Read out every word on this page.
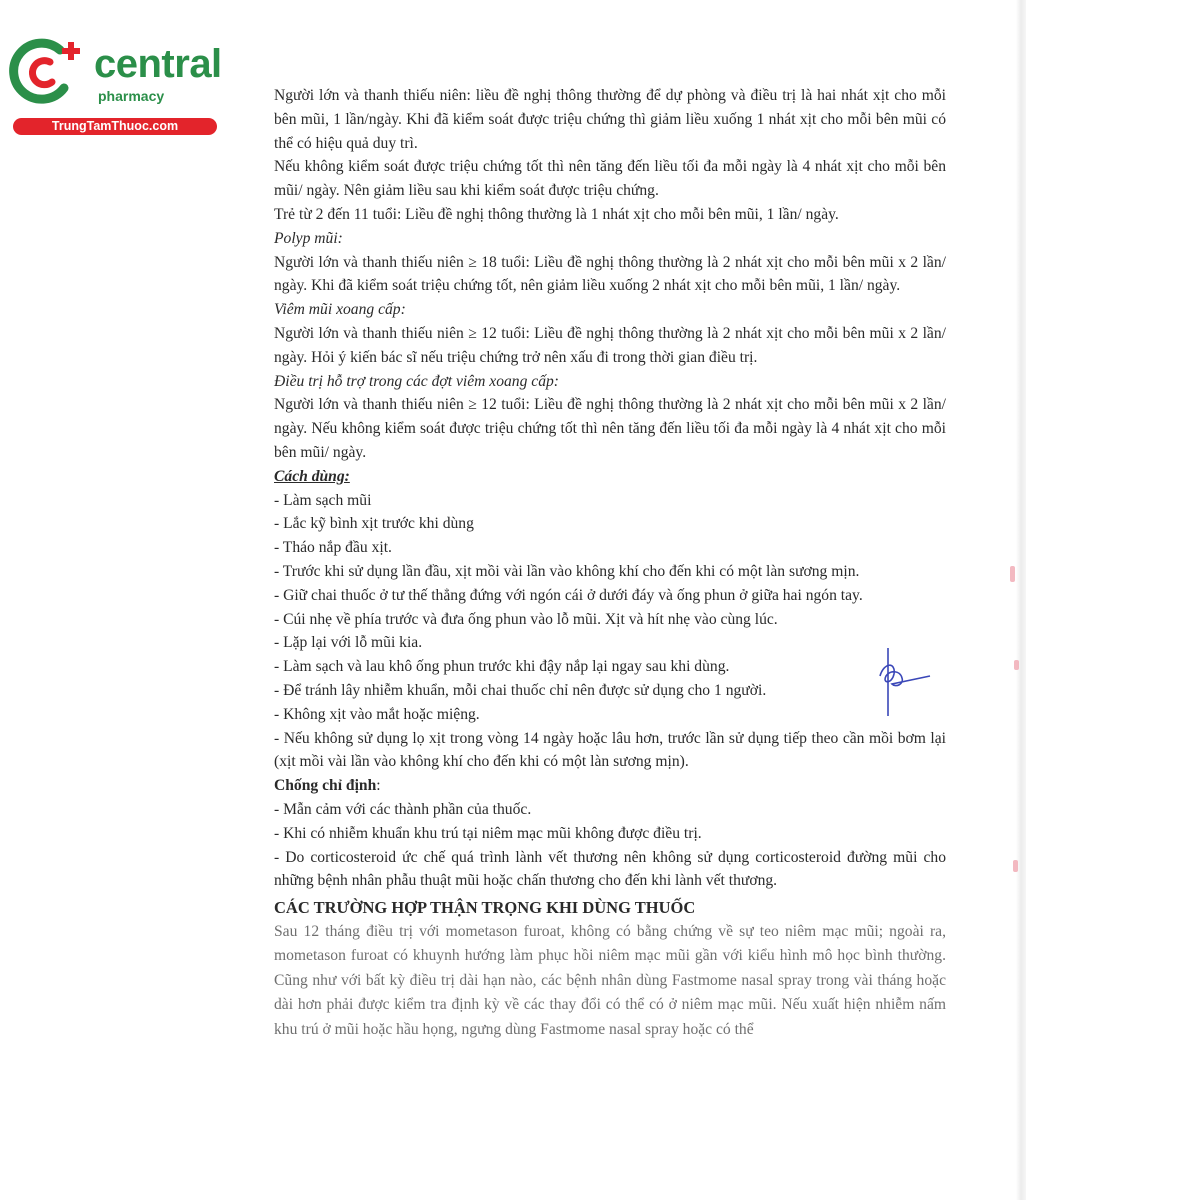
central
pharmacy
TrungTamThuoc.com

Người lớn và thanh thiếu niên: liều đề nghị thông thường để dự phòng và điều trị là hai nhát xịt cho mỗi bên mũi, 1 lần/ngày. Khi đã kiểm soát được triệu chứng thì giảm liều xuống 1 nhát xịt cho mỗi bên mũi có thể có hiệu quả duy trì.

Nếu không kiểm soát được triệu chứng tốt thì nên tăng đến liều tối đa mỗi ngày là 4 nhát xịt cho mỗi bên mũi/ ngày. Nên giảm liều sau khi kiểm soát được triệu chứng.

Trẻ từ 2 đến 11 tuổi: Liều đề nghị thông thường là 1 nhát xịt cho mỗi bên mũi, 1 lần/ ngày.

Polyp mũi:

Người lớn và thanh thiếu niên ≥ 18 tuổi: Liều đề nghị thông thường là 2 nhát xịt cho mỗi bên mũi x 2 lần/ ngày. Khi đã kiểm soát triệu chứng tốt, nên giảm liều xuống 2 nhát xịt cho mỗi bên mũi, 1 lần/ ngày.

Viêm mũi xoang cấp:

Người lớn và thanh thiếu niên ≥ 12 tuổi: Liều đề nghị thông thường là 2 nhát xịt cho mỗi bên mũi x 2 lần/ ngày. Hỏi ý kiến bác sĩ nếu triệu chứng trở nên xấu đi trong thời gian điều trị.

Điều trị hỗ trợ trong các đợt viêm xoang cấp:

Người lớn và thanh thiếu niên ≥ 12 tuổi: Liều đề nghị thông thường là 2 nhát xịt cho mỗi bên mũi x 2 lần/ ngày. Nếu không kiểm soát được triệu chứng tốt thì nên tăng đến liều tối đa mỗi ngày là 4 nhát xịt cho mỗi bên mũi/ ngày.

Cách dùng:

- Làm sạch mũi

- Lắc kỹ bình xịt trước khi dùng

- Tháo nắp đầu xịt.

- Trước khi sử dụng lần đầu, xịt mồi vài lần vào không khí cho đến khi có một làn sương mịn.

- Giữ chai thuốc ở tư thế thẳng đứng với ngón cái ở dưới đáy và ống phun ở giữa hai ngón tay.

- Cúi nhẹ về phía trước và đưa ống phun vào lỗ mũi. Xịt và hít nhẹ vào cùng lúc.

- Lặp lại với lỗ mũi kia.

- Làm sạch và lau khô ống phun trước khi đậy nắp lại ngay sau khi dùng.

- Để tránh lây nhiễm khuẩn, mỗi chai thuốc chỉ nên được sử dụng cho 1 người.

- Không xịt vào mắt hoặc miệng.

- Nếu không sử dụng lọ xịt trong vòng 14 ngày hoặc lâu hơn, trước lần sử dụng tiếp theo cần mồi bơm lại (xịt mồi vài lần vào không khí cho đến khi có một làn sương mịn).

Chống chỉ định:

- Mẫn cảm với các thành phần của thuốc.

- Khi có nhiễm khuẩn khu trú tại niêm mạc mũi không được điều trị.

- Do corticosteroid ức chế quá trình lành vết thương nên không sử dụng corticosteroid đường mũi cho những bệnh nhân phẫu thuật mũi hoặc chấn thương cho đến khi lành vết thương.

CÁC TRƯỜNG HỢP THẬN TRỌNG KHI DÙNG THUỐC

Sau 12 tháng điều trị với mometason furoat, không có bằng chứng về sự teo niêm mạc mũi; ngoài ra, mometason furoat có khuynh hướng làm phục hồi niêm mạc mũi gần với kiểu hình mô học bình thường. Cũng như với bất kỳ điều trị dài hạn nào, các bệnh nhân dùng Fastmome nasal spray trong vài tháng hoặc dài hơn phải được kiểm tra định kỳ về các thay đổi có thể có ở niêm mạc mũi. Nếu xuất hiện nhiễm nấm khu trú ở mũi hoặc hầu họng, ngưng dùng Fastmome nasal spray hoặc có thể
